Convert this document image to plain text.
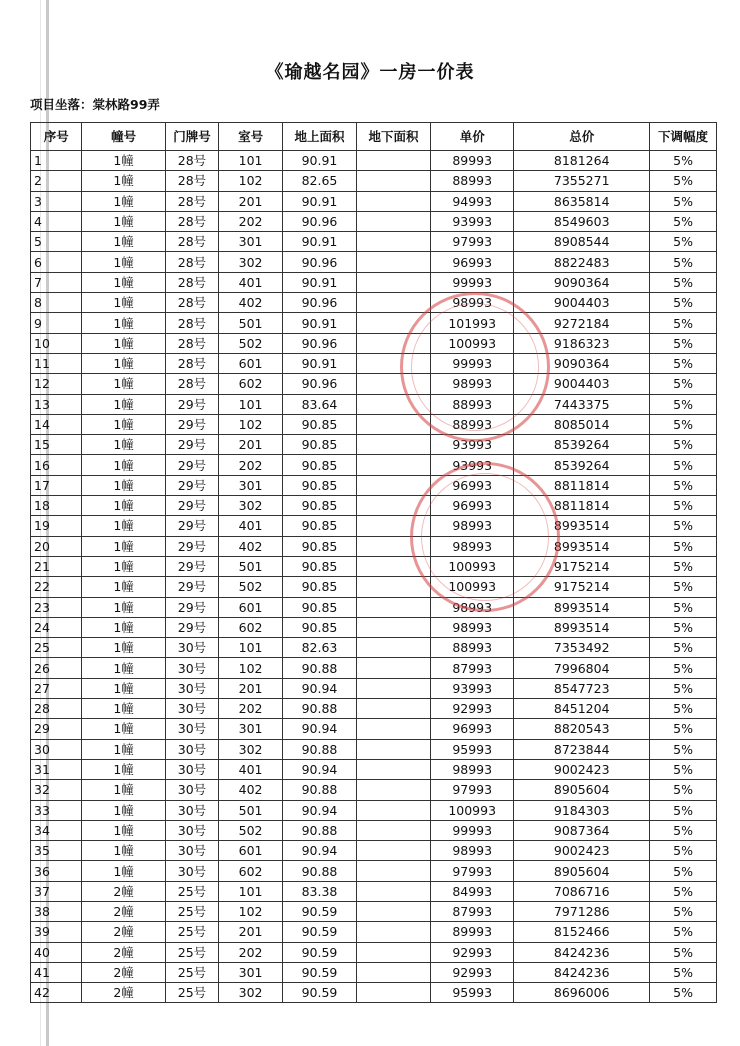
《瑜越名园》一房一价表
项目坐落：棠林路99弄
序号	幢号	门牌号	室号	地上面积	地下面积	单价	总价	下调幅度
1	1幢	28号	101	90.91		89993	8181264	5%
2	1幢	28号	102	82.65		88993	7355271	5%
3	1幢	28号	201	90.91		94993	8635814	5%
4	1幢	28号	202	90.96		93993	8549603	5%
5	1幢	28号	301	90.91		97993	8908544	5%
6	1幢	28号	302	90.96		96993	8822483	5%
7	1幢	28号	401	90.91		99993	9090364	5%
8	1幢	28号	402	90.96		98993	9004403	5%
9	1幢	28号	501	90.91		101993	9272184	5%
10	1幢	28号	502	90.96		100993	9186323	5%
11	1幢	28号	601	90.91		99993	9090364	5%
12	1幢	28号	602	90.96		98993	9004403	5%
13	1幢	29号	101	83.64		88993	7443375	5%
14	1幢	29号	102	90.85		88993	8085014	5%
15	1幢	29号	201	90.85		93993	8539264	5%
16	1幢	29号	202	90.85		93993	8539264	5%
17	1幢	29号	301	90.85		96993	8811814	5%
18	1幢	29号	302	90.85		96993	8811814	5%
19	1幢	29号	401	90.85		98993	8993514	5%
20	1幢	29号	402	90.85		98993	8993514	5%
21	1幢	29号	501	90.85		100993	9175214	5%
22	1幢	29号	502	90.85		100993	9175214	5%
23	1幢	29号	601	90.85		98993	8993514	5%
24	1幢	29号	602	90.85		98993	8993514	5%
25	1幢	30号	101	82.63		88993	7353492	5%
26	1幢	30号	102	90.88		87993	7996804	5%
27	1幢	30号	201	90.94		93993	8547723	5%
28	1幢	30号	202	90.88		92993	8451204	5%
29	1幢	30号	301	90.94		96993	8820543	5%
30	1幢	30号	302	90.88		95993	8723844	5%
31	1幢	30号	401	90.94		98993	9002423	5%
32	1幢	30号	402	90.88		97993	8905604	5%
33	1幢	30号	501	90.94		100993	9184303	5%
34	1幢	30号	502	90.88		99993	9087364	5%
35	1幢	30号	601	90.94		98993	9002423	5%
36	1幢	30号	602	90.88		97993	8905604	5%
37	2幢	25号	101	83.38		84993	7086716	5%
38	2幢	25号	102	90.59		87993	7971286	5%
39	2幢	25号	201	90.59		89993	8152466	5%
40	2幢	25号	202	90.59		92993	8424236	5%
41	2幢	25号	301	90.59		92993	8424236	5%
42	2幢	25号	302	90.59		95993	8696006	5%
